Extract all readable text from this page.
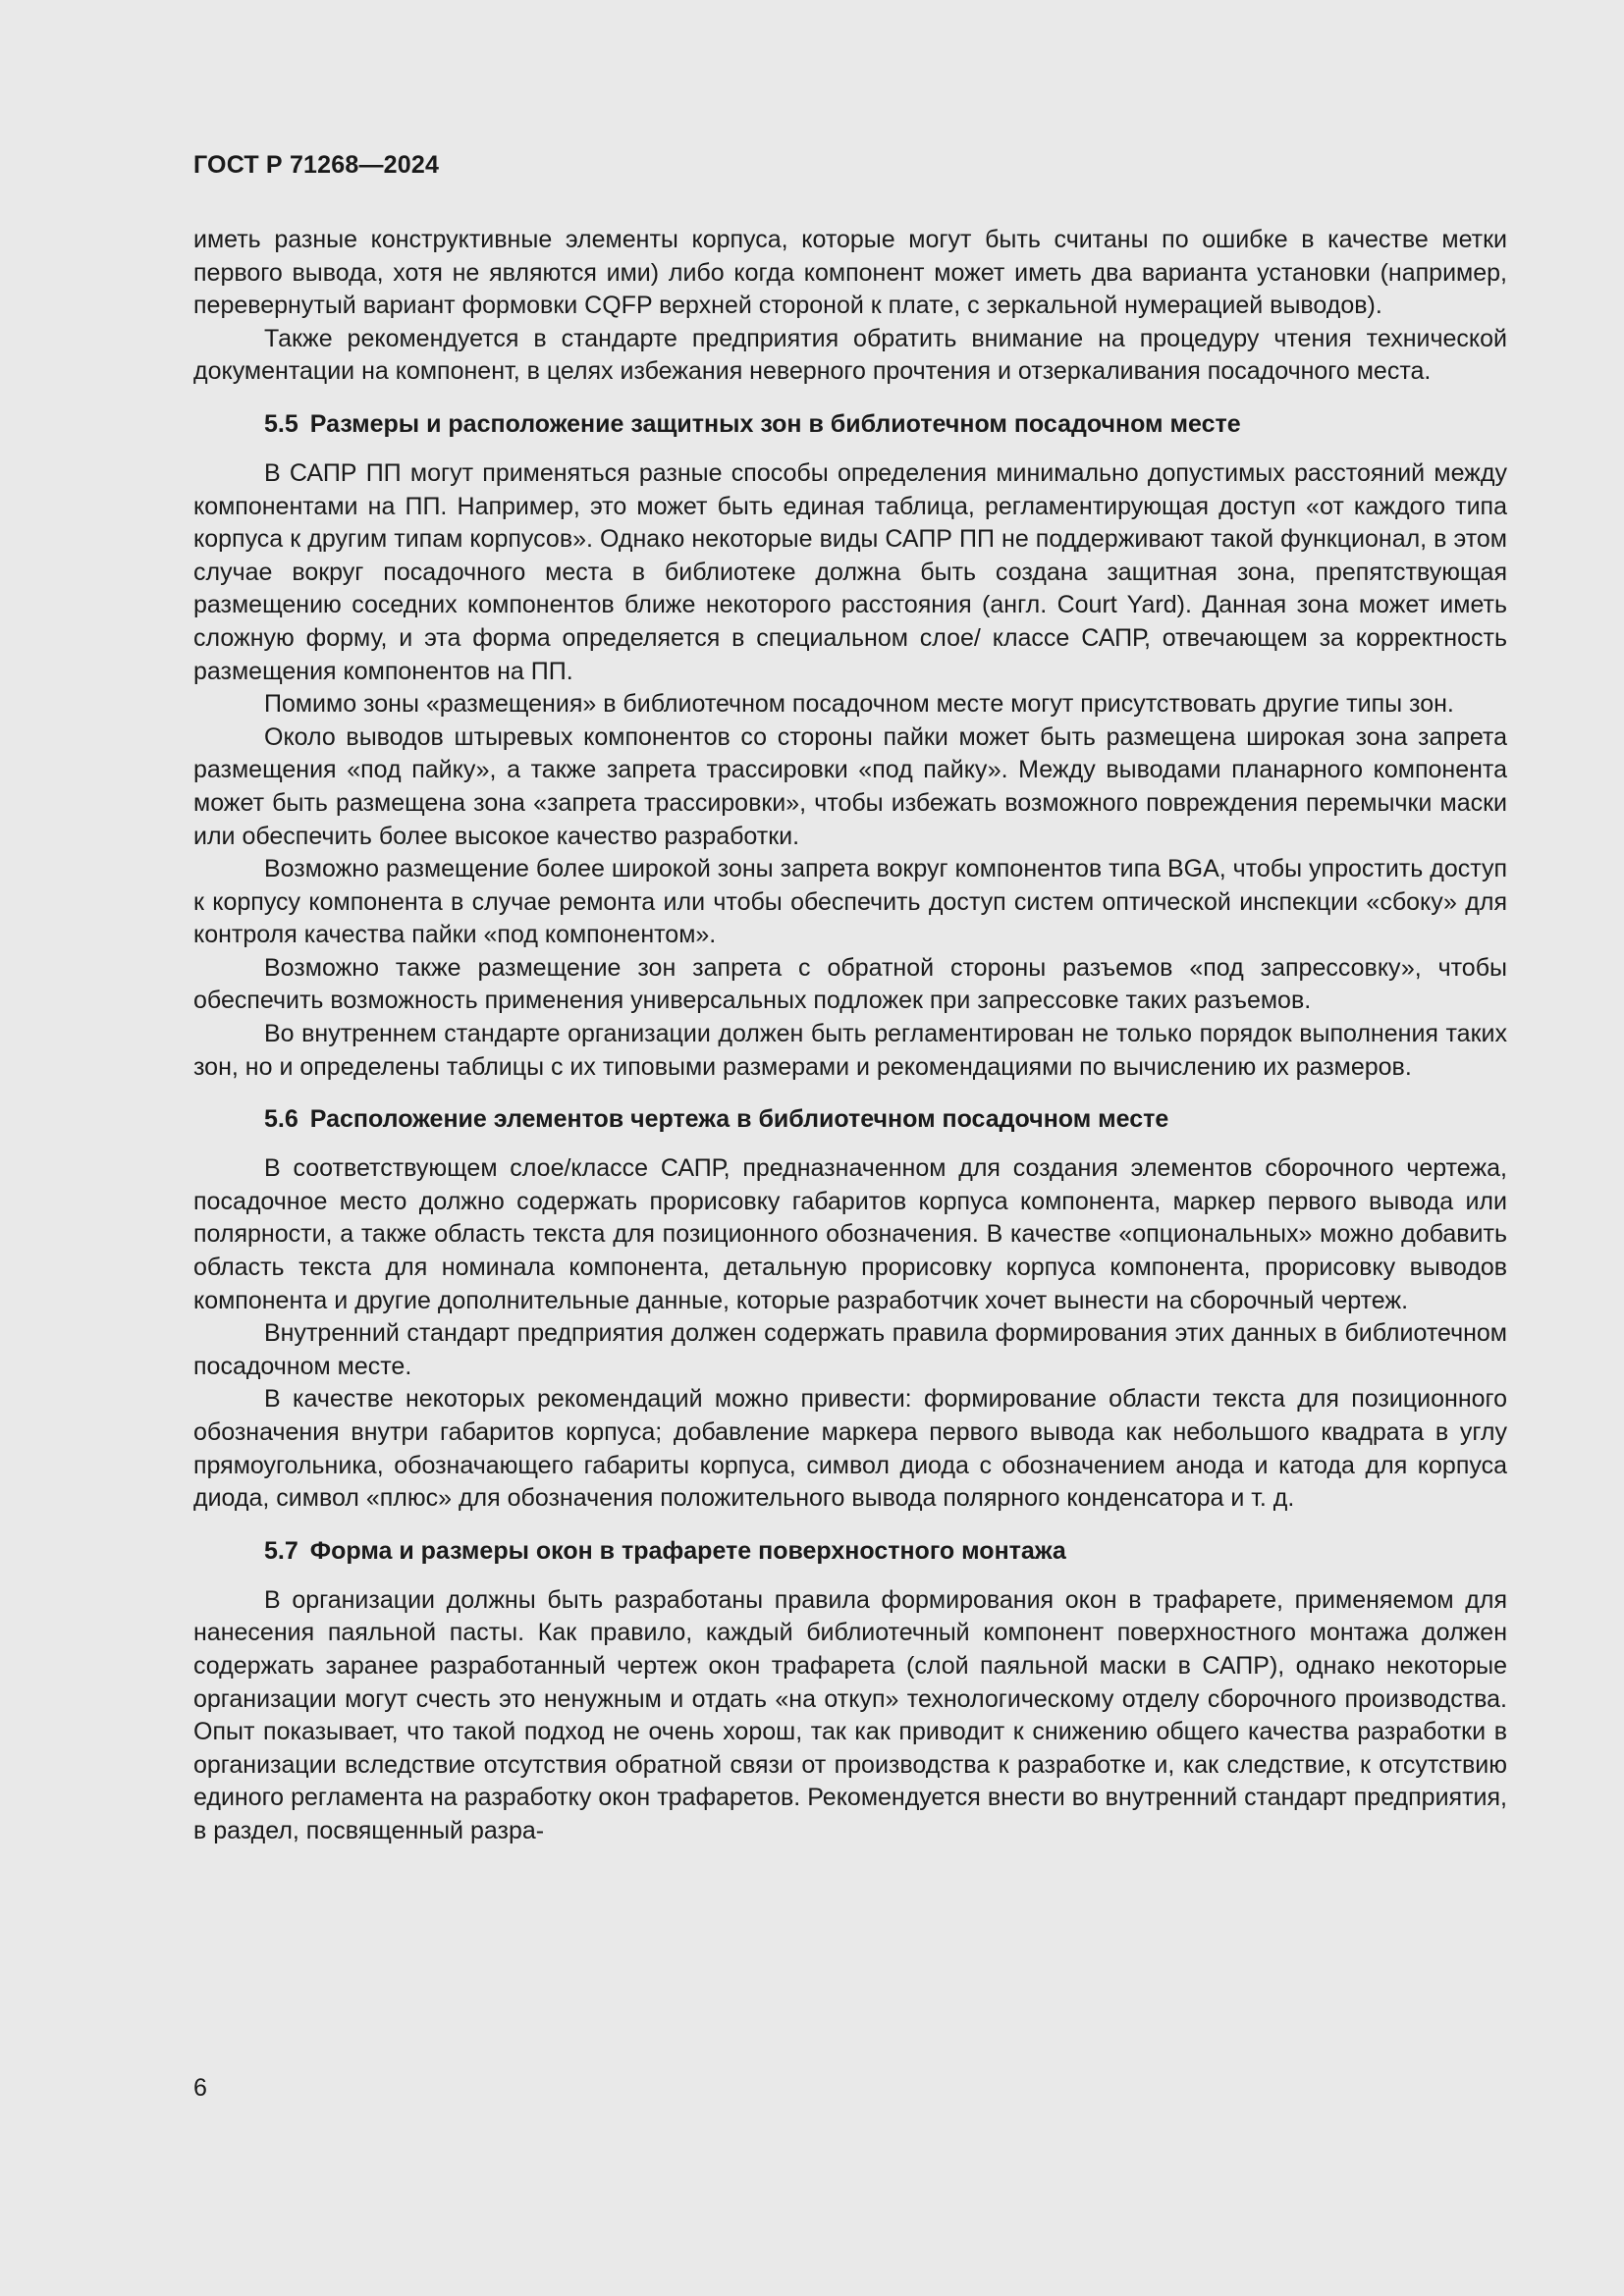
ГОСТ Р 71268—2024

иметь разные конструктивные элементы корпуса, которые могут быть считаны по ошибке в качестве метки первого вывода, хотя не являются ими) либо когда компонент может иметь два варианта установки (например, перевернутый вариант формовки CQFP верхней стороной к плате, с зеркальной нумерацией выводов).

Также рекомендуется в стандарте предприятия обратить внимание на процедуру чтения технической документации на компонент, в целях избежания неверного прочтения и отзеркаливания посадочного места.

5.5 Размеры и расположение защитных зон в библиотечном посадочном месте

В САПР ПП могут применяться разные способы определения минимально допустимых расстояний между компонентами на ПП. Например, это может быть единая таблица, регламентирующая доступ «от каждого типа корпуса к другим типам корпусов». Однако некоторые виды САПР ПП не поддерживают такой функционал, в этом случае вокруг посадочного места в библиотеке должна быть создана защитная зона, препятствующая размещению соседних компонентов ближе некоторого расстояния (англ. Court Yard). Данная зона может иметь сложную форму, и эта форма определяется в специальном слое/ классе САПР, отвечающем за корректность размещения компонентов на ПП.

Помимо зоны «размещения» в библиотечном посадочном месте могут присутствовать другие типы зон.

Около выводов штыревых компонентов со стороны пайки может быть размещена широкая зона запрета размещения «под пайку», а также запрета трассировки «под пайку». Между выводами планарного компонента может быть размещена зона «запрета трассировки», чтобы избежать возможного повреждения перемычки маски или обеспечить более высокое качество разработки.

Возможно размещение более широкой зоны запрета вокруг компонентов типа BGA, чтобы упростить доступ к корпусу компонента в случае ремонта или чтобы обеспечить доступ систем оптической инспекции «сбоку» для контроля качества пайки «под компонентом».

Возможно также размещение зон запрета с обратной стороны разъемов «под запрессовку», чтобы обеспечить возможность применения универсальных подложек при запрессовке таких разъемов.

Во внутреннем стандарте организации должен быть регламентирован не только порядок выполнения таких зон, но и определены таблицы с их типовыми размерами и рекомендациями по вычислению их размеров.

5.6 Расположение элементов чертежа в библиотечном посадочном месте

В соответствующем слое/классе САПР, предназначенном для создания элементов сборочного чертежа, посадочное место должно содержать прорисовку габаритов корпуса компонента, маркер первого вывода или полярности, а также область текста для позиционного обозначения. В качестве «опциональных» можно добавить область текста для номинала компонента, детальную прорисовку корпуса компонента, прорисовку выводов компонента и другие дополнительные данные, которые разработчик хочет вынести на сборочный чертеж.

Внутренний стандарт предприятия должен содержать правила формирования этих данных в библиотечном посадочном месте.

В качестве некоторых рекомендаций можно привести: формирование области текста для позиционного обозначения внутри габаритов корпуса; добавление маркера первого вывода как небольшого квадрата в углу прямоугольника, обозначающего габариты корпуса, символ диода с обозначением анода и катода для корпуса диода, символ «плюс» для обозначения положительного вывода полярного конденсатора и т. д.

5.7 Форма и размеры окон в трафарете поверхностного монтажа

В организации должны быть разработаны правила формирования окон в трафарете, применяемом для нанесения паяльной пасты. Как правило, каждый библиотечный компонент поверхностного монтажа должен содержать заранее разработанный чертеж окон трафарета (слой паяльной маски в САПР), однако некоторые организации могут счесть это ненужным и отдать «на откуп» технологическому отделу сборочного производства. Опыт показывает, что такой подход не очень хорош, так как приводит к снижению общего качества разработки в организации вследствие отсутствия обратной связи от производства к разработке и, как следствие, к отсутствию единого регламента на разработку окон трафаретов. Рекомендуется внести во внутренний стандарт предприятия, в раздел, посвященный разра-

6
